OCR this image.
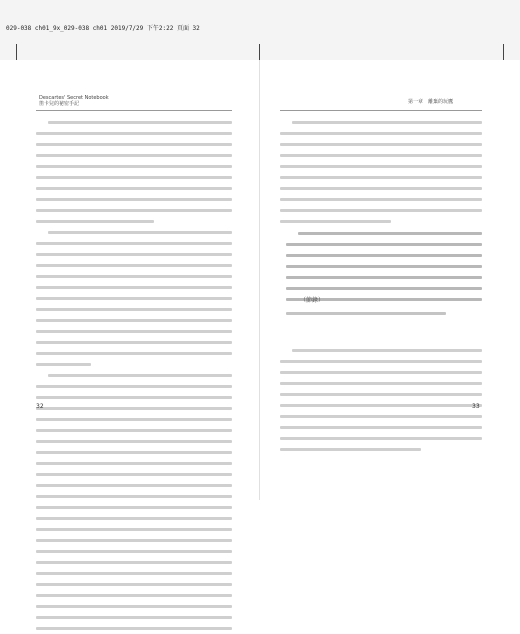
029-038 ch01_9x_029-038 ch01 2019/7/29 下午2:22 頁面 32
Descartes' Secret Notebook
笛卡兒的祕密手記	第一章　離棄的玩鷹
（節錄）
32	33
